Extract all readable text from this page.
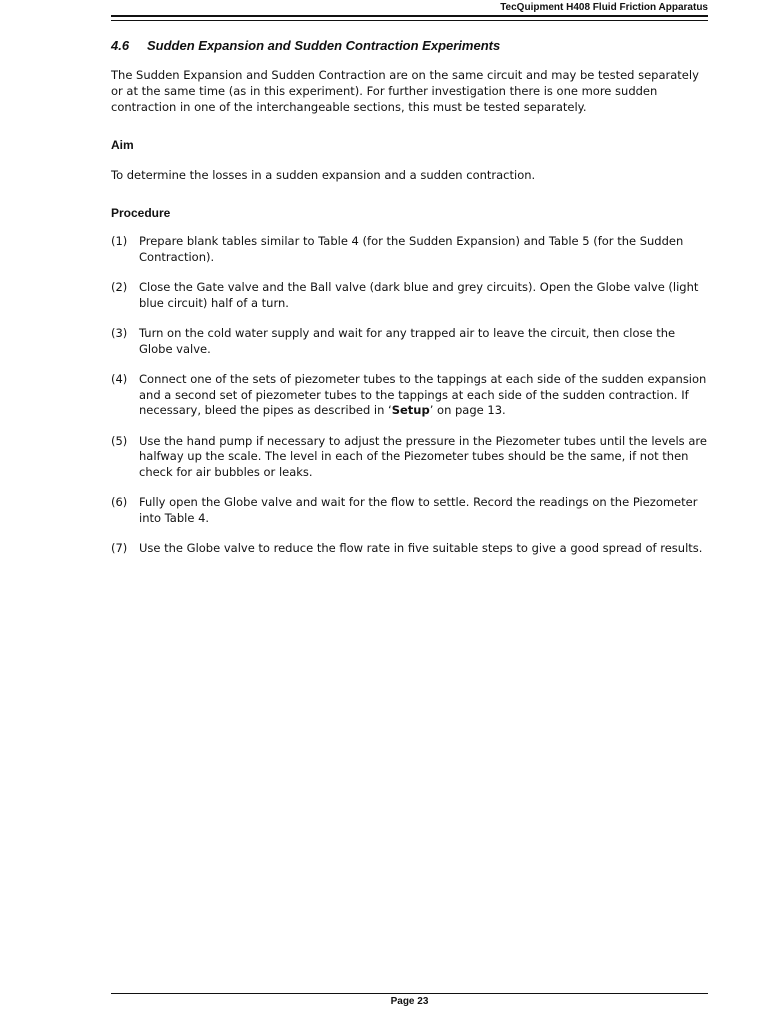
TecQuipment H408 Fluid Friction Apparatus
4.6 Sudden Expansion and Sudden Contraction Experiments

The Sudden Expansion and Sudden Contraction are on the same circuit and may be tested separately or at the same time (as in this experiment). For further investigation there is one more sudden contraction in one of the interchangeable sections, this must be tested separately.

Aim

To determine the losses in a sudden expansion and a sudden contraction.

Procedure
(1)	Prepare blank tables similar to Table 4 (for the Sudden Expansion) and Table 5 (for the Sudden Contraction).
(2)	Close the Gate valve and the Ball valve (dark blue and grey circuits). Open the Globe valve (light blue circuit) half of a turn.
(3)	Turn on the cold water supply and wait for any trapped air to leave the circuit, then close the Globe valve.
(4)	Connect one of the sets of piezometer tubes to the tappings at each side of the sudden expansion and a second set of piezometer tubes to the tappings at each side of the sudden contraction. If necessary, bleed the pipes as described in ‘Setup’ on page 13.
(5)	Use the hand pump if necessary to adjust the pressure in the Piezometer tubes until the levels are halfway up the scale. The level in each of the Piezometer tubes should be the same, if not then check for air bubbles or leaks.
(6)	Fully open the Globe valve and wait for the flow to settle. Record the readings on the Piezometer into Table 4.
(7)	Use the Globe valve to reduce the flow rate in five suitable steps to give a good spread of results.
Page 23
